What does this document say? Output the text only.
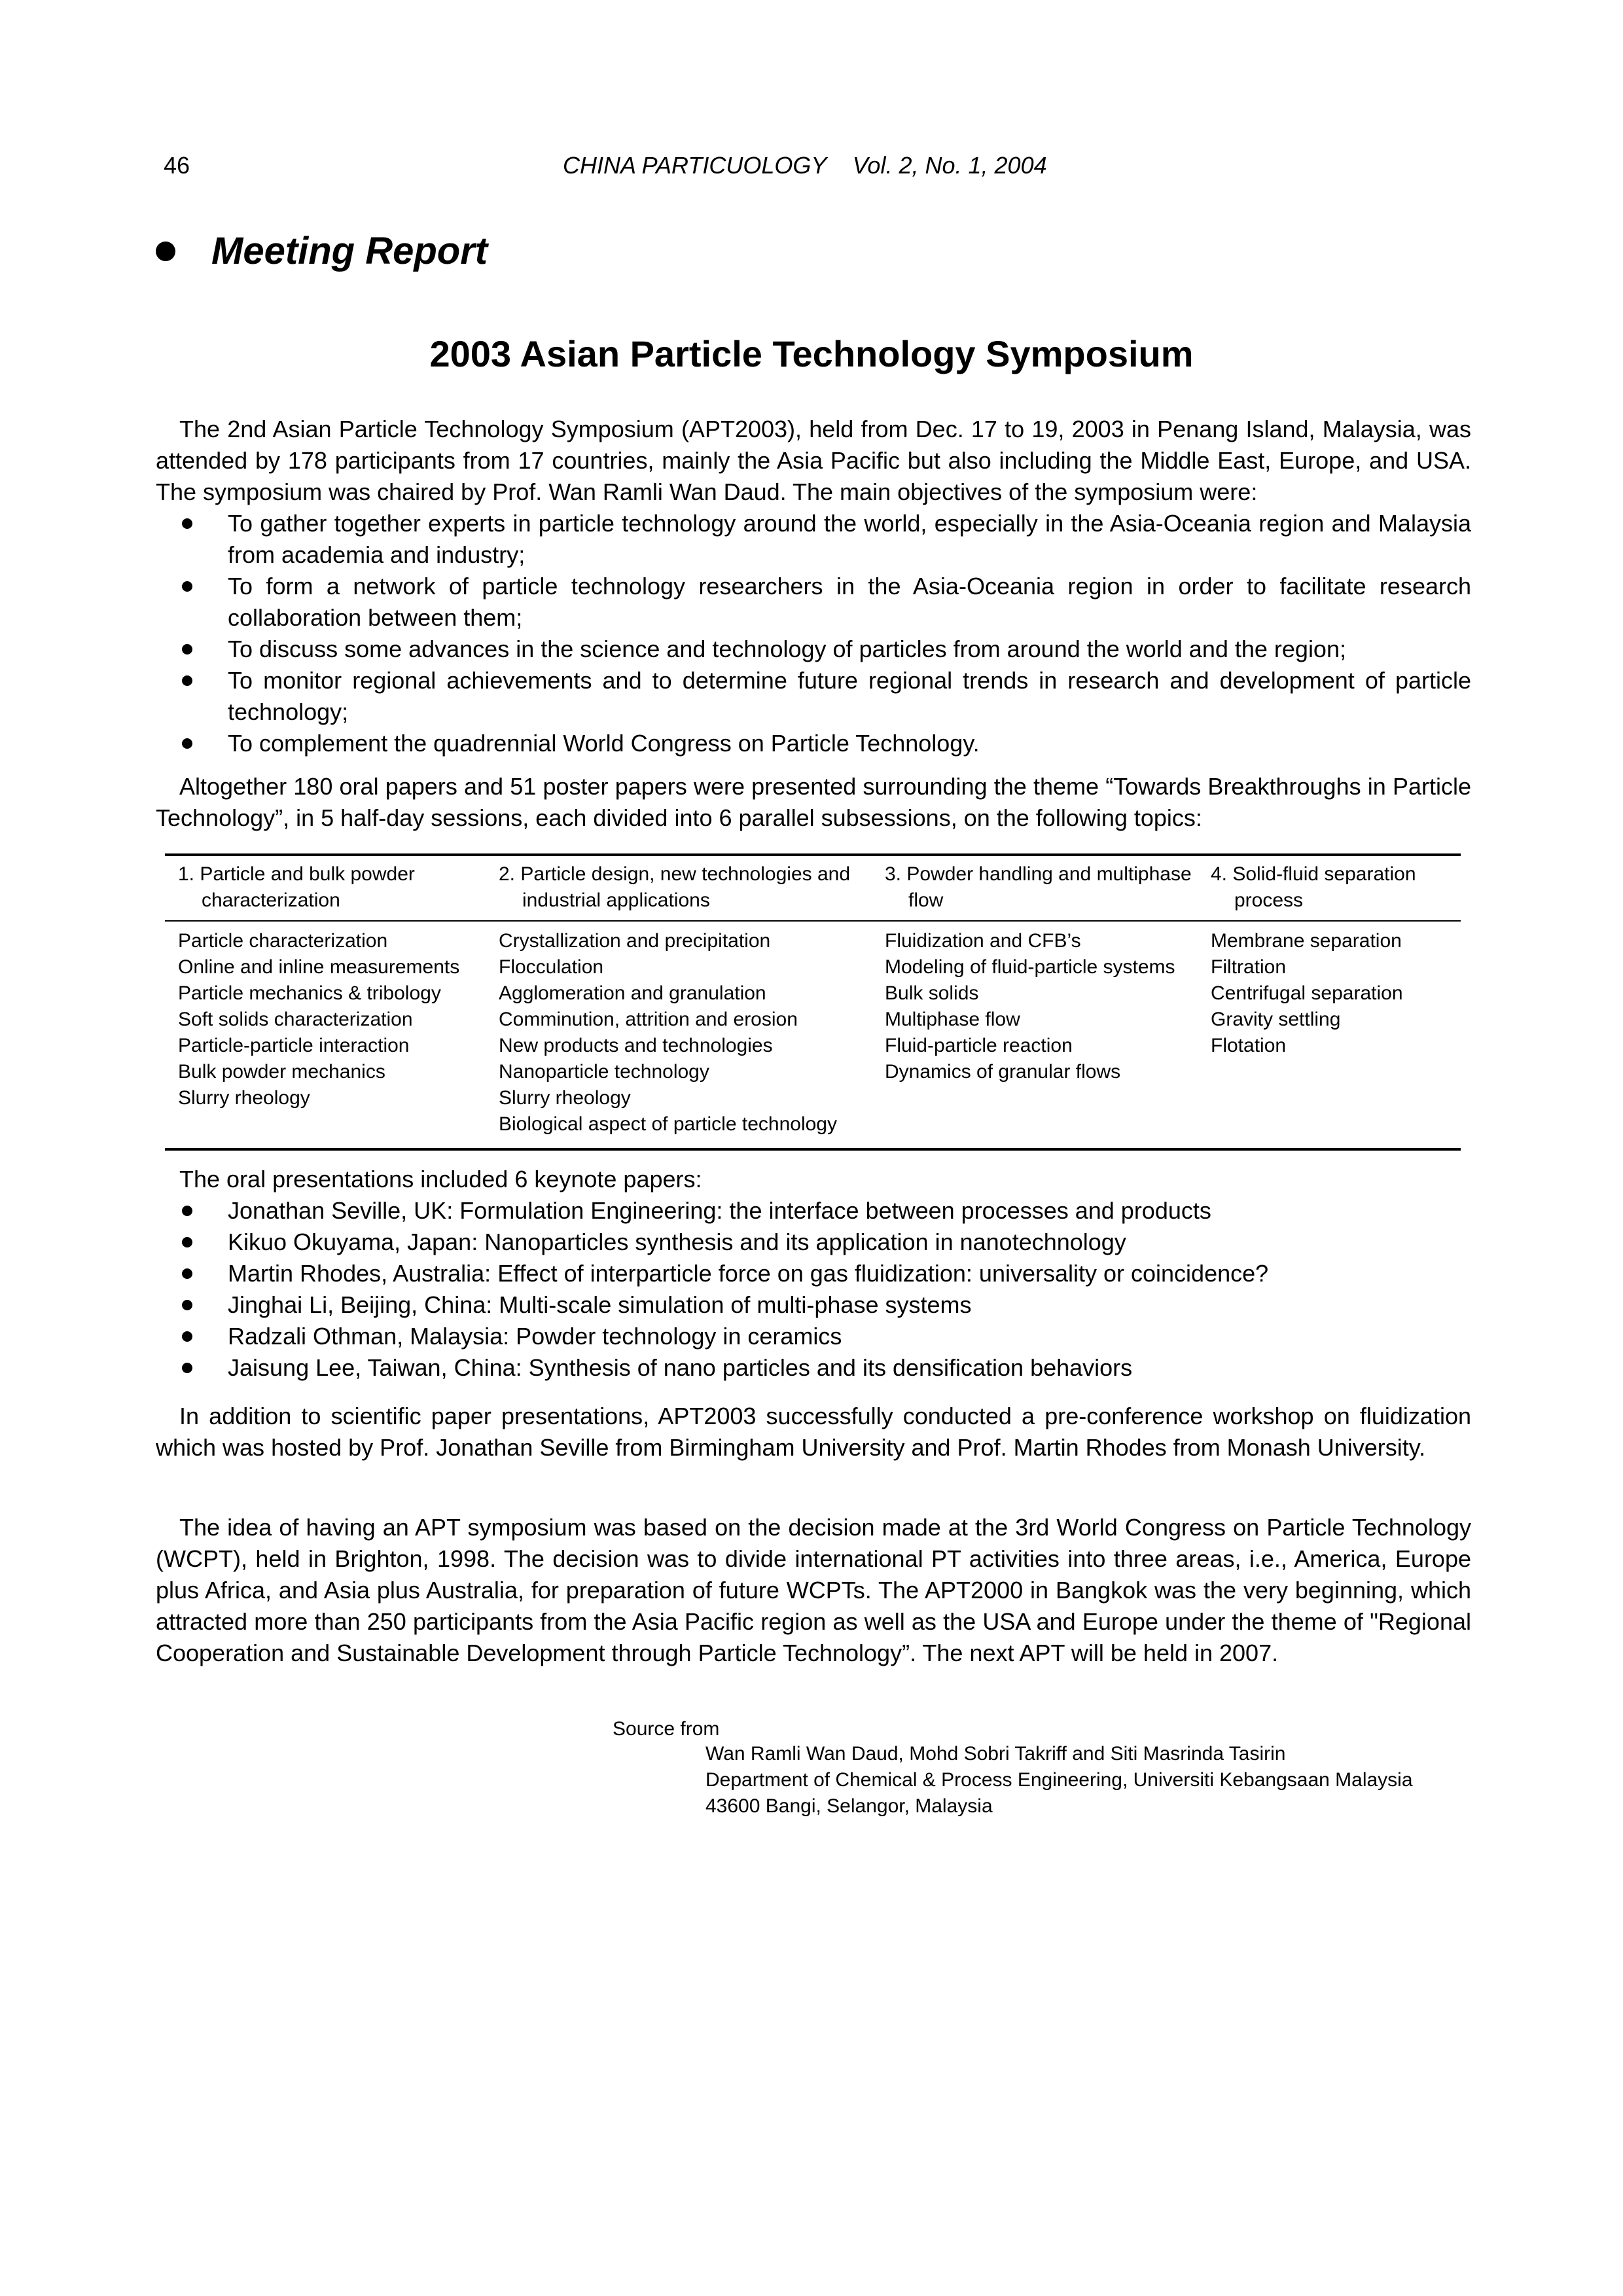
46	CHINA PARTICUOLOGY    Vol. 2, No. 1, 2004
Meeting Report
2003 Asian Particle Technology Symposium

The 2nd Asian Particle Technology Symposium (APT2003), held from Dec. 17 to 19, 2003 in Penang Island, Malaysia, was attended by 178 participants from 17 countries, mainly the Asia Pacific but also including the Middle East, Europe, and USA. The symposium was chaired by Prof. Wan Ramli Wan Daud. The main objectives of the symposium were:

To gather together experts in particle technology around the world, especially in the Asia-Oceania region and Malaysia from academia and industry;
To form a network of particle technology researchers in the Asia-Oceania region in order to facilitate research collaboration between them;
To discuss some advances in the science and technology of particles from around the world and the region;
To monitor regional achievements and to determine future regional trends in research and development of particle technology;
To complement the quadrennial World Congress on Particle Technology.

Altogether 180 oral papers and 51 poster papers were presented surrounding the theme “Towards Breakthroughs in Particle Technology”, in 5 half-day sessions, each divided into 6 parallel subsessions, on the following topics:

1. Particle and bulk powder characterization
2. Particle design, new technologies and industrial applications
3. Powder handling and multiphase flow
4. Solid-fluid separation process
Particle characterization
Online and inline measurements
Particle mechanics & tribology
Soft solids characterization
Particle-particle interaction
Bulk powder mechanics
Slurry rheology
Crystallization and precipitation
Flocculation
Agglomeration and granulation
Comminution, attrition and erosion
New products and technologies
Nanoparticle technology
Slurry rheology
Biological aspect of particle technology
Fluidization and CFB’s
Modeling of fluid-particle systems
Bulk solids
Multiphase flow
Fluid-particle reaction
Dynamics of granular flows
Membrane separation
Filtration
Centrifugal separation
Gravity settling
Flotation

The oral presentations included 6 keynote papers:

Jonathan Seville, UK: Formulation Engineering: the interface between processes and products
Kikuo Okuyama, Japan: Nanoparticles synthesis and its application in nanotechnology
Martin Rhodes, Australia: Effect of interparticle force on gas fluidization: universality or coincidence?
Jinghai Li, Beijing, China: Multi-scale simulation of multi-phase systems
Radzali Othman, Malaysia: Powder technology in ceramics
Jaisung Lee, Taiwan, China: Synthesis of nano particles and its densification behaviors

In addition to scientific paper presentations, APT2003 successfully conducted a pre-conference workshop on fluidization which was hosted by Prof. Jonathan Seville from Birmingham University and Prof. Martin Rhodes from Monash University.

The idea of having an APT symposium was based on the decision made at the 3rd World Congress on Particle Technology (WCPT), held in Brighton, 1998. The decision was to divide international PT activities into three areas, i.e., America, Europe plus Africa, and Asia plus Australia, for preparation of future WCPTs. The APT2000 in Bangkok was the very beginning, which attracted more than 250 participants from the Asia Pacific region as well as the USA and Europe under the theme of "Regional Cooperation and Sustainable Development through Particle Technology”. The next APT will be held in 2007.

Source from
Wan Ramli Wan Daud, Mohd Sobri Takriff and Siti Masrinda Tasirin
Department of Chemical & Process Engineering, Universiti Kebangsaan Malaysia
43600 Bangi, Selangor, Malaysia
